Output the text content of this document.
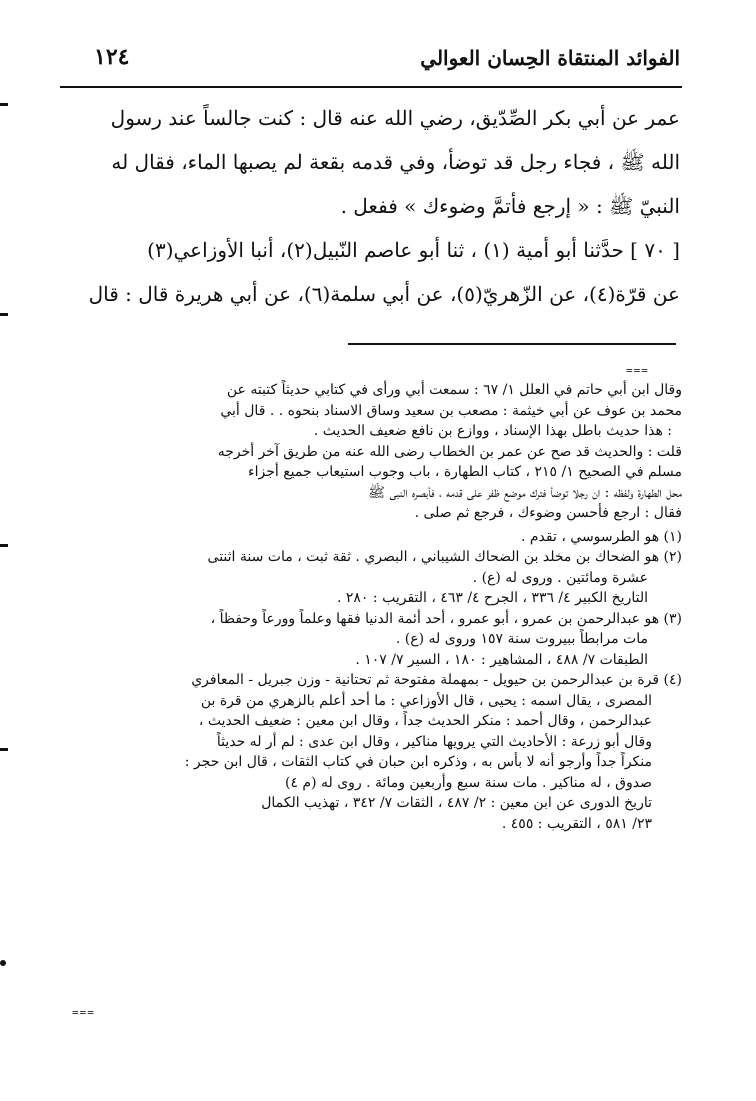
الفوائد المنتقاة الحِسان العوالي
١٢٤
عمر عن أبي بكر الصِّدّيق، رضي الله عنه قال : كنت جالساً عند رسول
الله ﷺ ، فجاء رجل قد توضأ، وفي قدمه بقعة لم يصبها الماء، فقال له
النبيّ ﷺ : « إرجع فأتمَّ وضوءك » ففعل .
[ ٧٠ ] حدَّثنا أبو أمية (١) ، ثنا أبو عاصم النّبيل(٢)، أنبا الأوزاعي(٣)
عن قرّة(٤)، عن الزّهريّ(٥)، عن أبي سلمة(٦)، عن أبي هريرة قال : قال
===
وقال ابن أبي حاتم في العلل ١/ ٦٧ : سمعت أبي ورأى في كتابي حديثاً كتبته عن
محمد بن عوف عن أبي خيثمة : مصعب بن سعيد وساق الاسناد بنحوه . . قال أبي
: هذا حديث باطل بهذا الإسناد ، ووازع بن نافع ضعيف الحديث .
قلت : والحديث قد صح عن عمر بن الخطاب رضى الله عنه من طريق آخر أخرجه
مسلم في الصحيح ١/ ٢١٥ ، كتاب الطهارة ، باب وجوب استيعاب جميع أجزاء
محل الطهارة ولفظه : ان رجلا توضأ فترك موضع ظفر على قدمه ، فأبصره النبى ﷺ
فقال : ارجع فأحسن وضوءك ، فرجع ثم صلى .
(١) هو الطرسوسي ، تقدم .
(٢) هو الضحاك بن مخلد بن الضحاك الشيباني ، البصري . ثقة ثبت ، مات سنة اثنتى
عشرة ومائتين . وروى له (ع) .
التاريخ الكبير ٤/ ٣٣٦ ، الجرح ٤/ ٤٦٣ ، التقريب : ٢٨٠ .
(٣) هو عبدالرحمن بن عمرو ، أبو عمرو ، أحد أئمة الدنيا فقها وعلماً وورعاً وحفظاً ،
مات مرابطاً ببيروت سنة ١٥٧ وروى له (ع) .
الطبقات ٧/ ٤٨٨ ، المشاهير : ١٨٠ ، السير ٧/ ١٠٧ .
(٤) قرة بن عبدالرحمن بن حيويل - بمهملة مفتوحة ثم تحتانية - وزن جبريل - المعافري
المصرى ، يقال اسمه : يحيى ، قال الأوزاعي : ما أحد أعلم بالزهري من قرة بن
عبدالرحمن ، وقال أحمد : منكر الحديث جداً ، وقال ابن معين : ضعيف الحديث ،
وقال أبو زرعة : الأحاديث التي يرويها مناكير ، وقال ابن عدى : لم أر له حديثاً
منكراً جداً وأرجو أنه لا بأس به ، وذكره ابن حبان في كتاب الثقات ، قال ابن حجر :
صدوق ، له مناكير . مات سنة سبع وأربعين ومائة . روى له (م ٤)
تاريخ الدورى عن ابن معين : ٢/ ٤٨٧ ، الثقات ٧/ ٣٤٢ ، تهذيب الكمال
٢٣/ ٥٨١ ، التقريب : ٤٥٥ .
===
